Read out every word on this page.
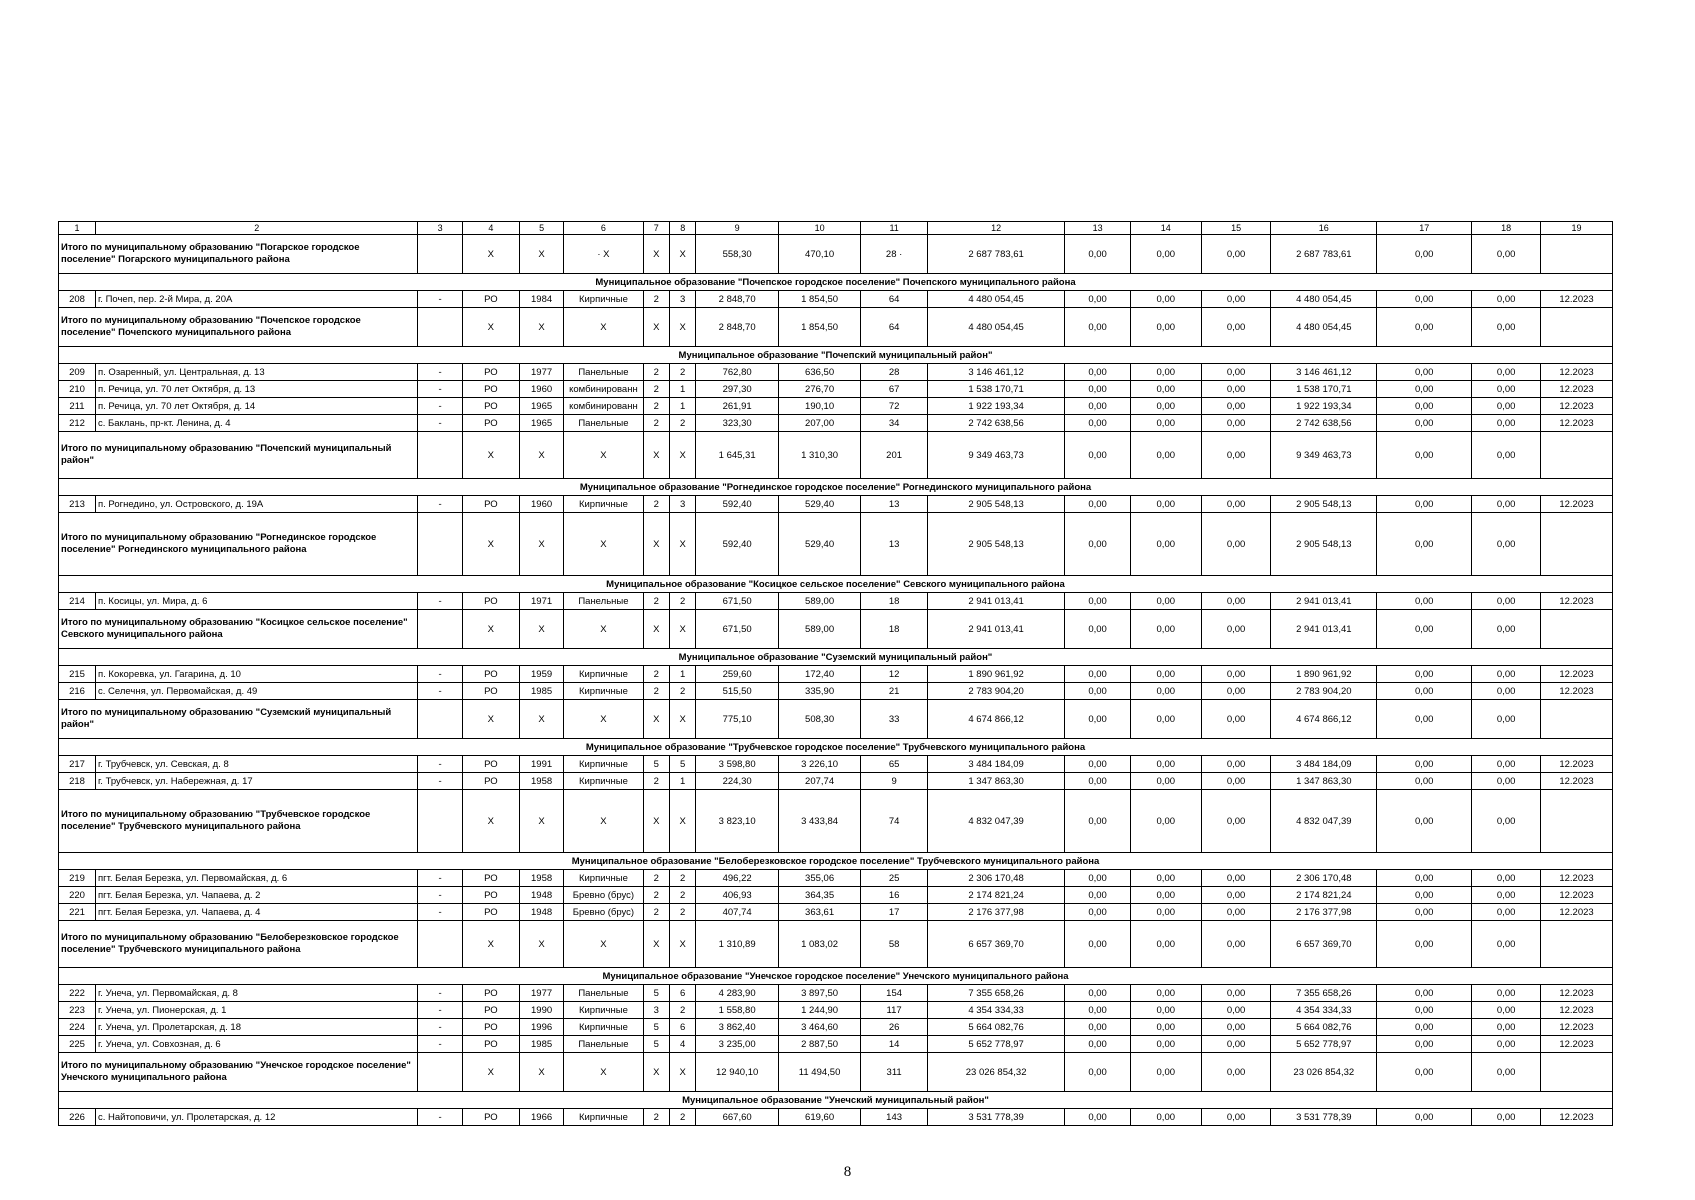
1	2	3	4	5	6	7	8	9	10	11	12	13	14	15	16	17	18	19
Итого по муниципальному образованию "Погарское городское поселение" Погарского муниципального района			Х	Х	· Х	Х	Х	558,30	470,10	28 ·	2 687 783,61	0,00	0,00	0,00	2 687 783,61	0,00	0,00	
Муниципальное образование "Почепское городское поселение" Почепского муниципального района																		
208	г. Почеп, пер. 2-й Мира, д. 20А	-	РО	1984	Кирпичные	2	3	2 848,70	1 854,50	64	4 480 054,45	0,00	0,00	0,00	4 480 054,45	0,00	0,00	12.2023
Итого по муниципальному образованию "Почепское городское поселение" Почепского муниципального района			Х	Х	Х	Х	Х	2 848,70	1 854,50	64	4 480 054,45	0,00	0,00	0,00	4 480 054,45	0,00	0,00	
Муниципальное образование "Почепский муниципальный район"																		
209	п. Озаренный, ул. Центральная, д. 13	-	РО	1977	Панельные	2	2	762,80	636,50	28	3 146 461,12	0,00	0,00	0,00	3 146 461,12	0,00	0,00	12.2023
210	п. Речица, ул. 70 лет Октября, д. 13	-	РО	1960	комбинированн	2	1	297,30	276,70	67	1 538 170,71	0,00	0,00	0,00	1 538 170,71	0,00	0,00	12.2023
211	п. Речица, ул. 70 лет Октября, д. 14	-	РО	1965	комбинированн	2	1	261,91	190,10	72	1 922 193,34	0,00	0,00	0,00	1 922 193,34	0,00	0,00	12.2023
212	с. Баклань, пр-кт. Ленина, д. 4	-	РО	1965	Панельные	2	2	323,30	207,00	34	2 742 638,56	0,00	0,00	0,00	2 742 638,56	0,00	0,00	12.2023
Итого по муниципальному образованию "Почепский муниципальный район"			Х	Х	Х	Х	Х	1 645,31	1 310,30	201	9 349 463,73	0,00	0,00	0,00	9 349 463,73	0,00	0,00	
Муниципальное образование "Рогнединское городское поселение" Рогнединского муниципального района																		
213	п. Рогнедино, ул. Островского, д. 19А	-	РО	1960	Кирпичные	2	3	592,40	529,40	13	2 905 548,13	0,00	0,00	0,00	2 905 548,13	0,00	0,00	12.2023
Итого по муниципальному образованию "Рогнединское городское поселение" Рогнединского муниципального района			Х	Х	Х	Х	Х	592,40	529,40	13	2 905 548,13	0,00	0,00	0,00	2 905 548,13	0,00	0,00	
Муниципальное образование "Косицкое сельское поселение" Севского муниципального района																		
214	п. Косицы, ул. Мира, д. 6	-	РО	1971	Панельные	2	2	671,50	589,00	18	2 941 013,41	0,00	0,00	0,00	2 941 013,41	0,00	0,00	12.2023
Итого по муниципальному образованию "Косицкое сельское поселение" Севского муниципального района			Х	Х	Х	Х	Х	671,50	589,00	18	2 941 013,41	0,00	0,00	0,00	2 941 013,41	0,00	0,00	
Муниципальное образование "Суземский муниципальный район"																		
215	п. Кокоревка, ул. Гагарина, д. 10	-	РО	1959	Кирпичные	2	1	259,60	172,40	12	1 890 961,92	0,00	0,00	0,00	1 890 961,92	0,00	0,00	12.2023
216	с. Селечня, ул. Первомайская, д. 49	-	РО	1985	Кирпичные	2	2	515,50	335,90	21	2 783 904,20	0,00	0,00	0,00	2 783 904,20	0,00	0,00	12.2023
Итого по муниципальному образованию "Суземский муниципальный район"			Х	Х	Х	Х	Х	775,10	508,30	33	4 674 866,12	0,00	0,00	0,00	4 674 866,12	0,00	0,00	
Муниципальное образование "Трубчевское городское поселение" Трубчевского муниципального района																		
217	г. Трубчевск, ул. Севская, д. 8	-	РО	1991	Кирпичные	5	5	3 598,80	3 226,10	65	3 484 184,09	0,00	0,00	0,00	3 484 184,09	0,00	0,00	12.2023
218	г. Трубчевск, ул. Набережная, д. 17	-	РО	1958	Кирпичные	2	1	224,30	207,74	9	1 347 863,30	0,00	0,00	0,00	1 347 863,30	0,00	0,00	12.2023
Итого по муниципальному образованию "Трубчевское городское поселение" Трубчевского муниципального района			Х	Х	Х	Х	Х	3 823,10	3 433,84	74	4 832 047,39	0,00	0,00	0,00	4 832 047,39	0,00	0,00	
Муниципальное образование "Белоберезковское городское поселение" Трубчевского муниципального района																		
219	пгт. Белая Березка, ул. Первомайская, д. 6	-	РО	1958	Кирпичные	2	2	496,22	355,06	25	2 306 170,48	0,00	0,00	0,00	2 306 170,48	0,00	0,00	12.2023
220	пгт. Белая Березка, ул. Чапаева, д. 2	-	РО	1948	Бревно (брус)	2	2	406,93	364,35	16	2 174 821,24	0,00	0,00	0,00	2 174 821,24	0,00	0,00	12.2023
221	пгт. Белая Березка, ул. Чапаева, д. 4	-	РО	1948	Бревно (брус)	2	2	407,74	363,61	17	2 176 377,98	0,00	0,00	0,00	2 176 377,98	0,00	0,00	12.2023
Итого по муниципальному образованию "Белоберезковское городское поселение" Трубчевского муниципального района			Х	Х	Х	Х	Х	1 310,89	1 083,02	58	6 657 369,70	0,00	0,00	0,00	6 657 369,70	0,00	0,00	
Муниципальное образование "Унечское городское поселение" Унечского муниципального района																		
222	г. Унеча, ул. Первомайская, д. 8	-	РО	1977	Панельные	5	6	4 283,90	3 897,50	154	7 355 658,26	0,00	0,00	0,00	7 355 658,26	0,00	0,00	12.2023
223	г. Унеча, ул. Пионерская, д. 1	-	РО	1990	Кирпичные	3	2	1 558,80	1 244,90	117	4 354 334,33	0,00	0,00	0,00	4 354 334,33	0,00	0,00	12.2023
224	г. Унеча, ул. Пролетарская, д. 18	-	РО	1996	Кирпичные	5	6	3 862,40	3 464,60	26	5 664 082,76	0,00	0,00	0,00	5 664 082,76	0,00	0,00	12.2023
225	г. Унеча, ул. Совхозная, д. 6	-	РО	1985	Панельные	5	4	3 235,00	2 887,50	14	5 652 778,97	0,00	0,00	0,00	5 652 778,97	0,00	0,00	12.2023
Итого по муниципальному образованию "Унечское городское поселение" Унечского муниципального района			Х	Х	Х	Х	Х	12 940,10	11 494,50	311	23 026 854,32	0,00	0,00	0,00	23 026 854,32	0,00	0,00	
Муниципальное образование "Унечский муниципальный район"																		
226	с. Найтоповичи, ул. Пролетарская, д. 12	-	РО	1966	Кирпичные	2	2	667,60	619,60	143	3 531 778,39	0,00	0,00	0,00	3 531 778,39	0,00	0,00	12.2023
8
